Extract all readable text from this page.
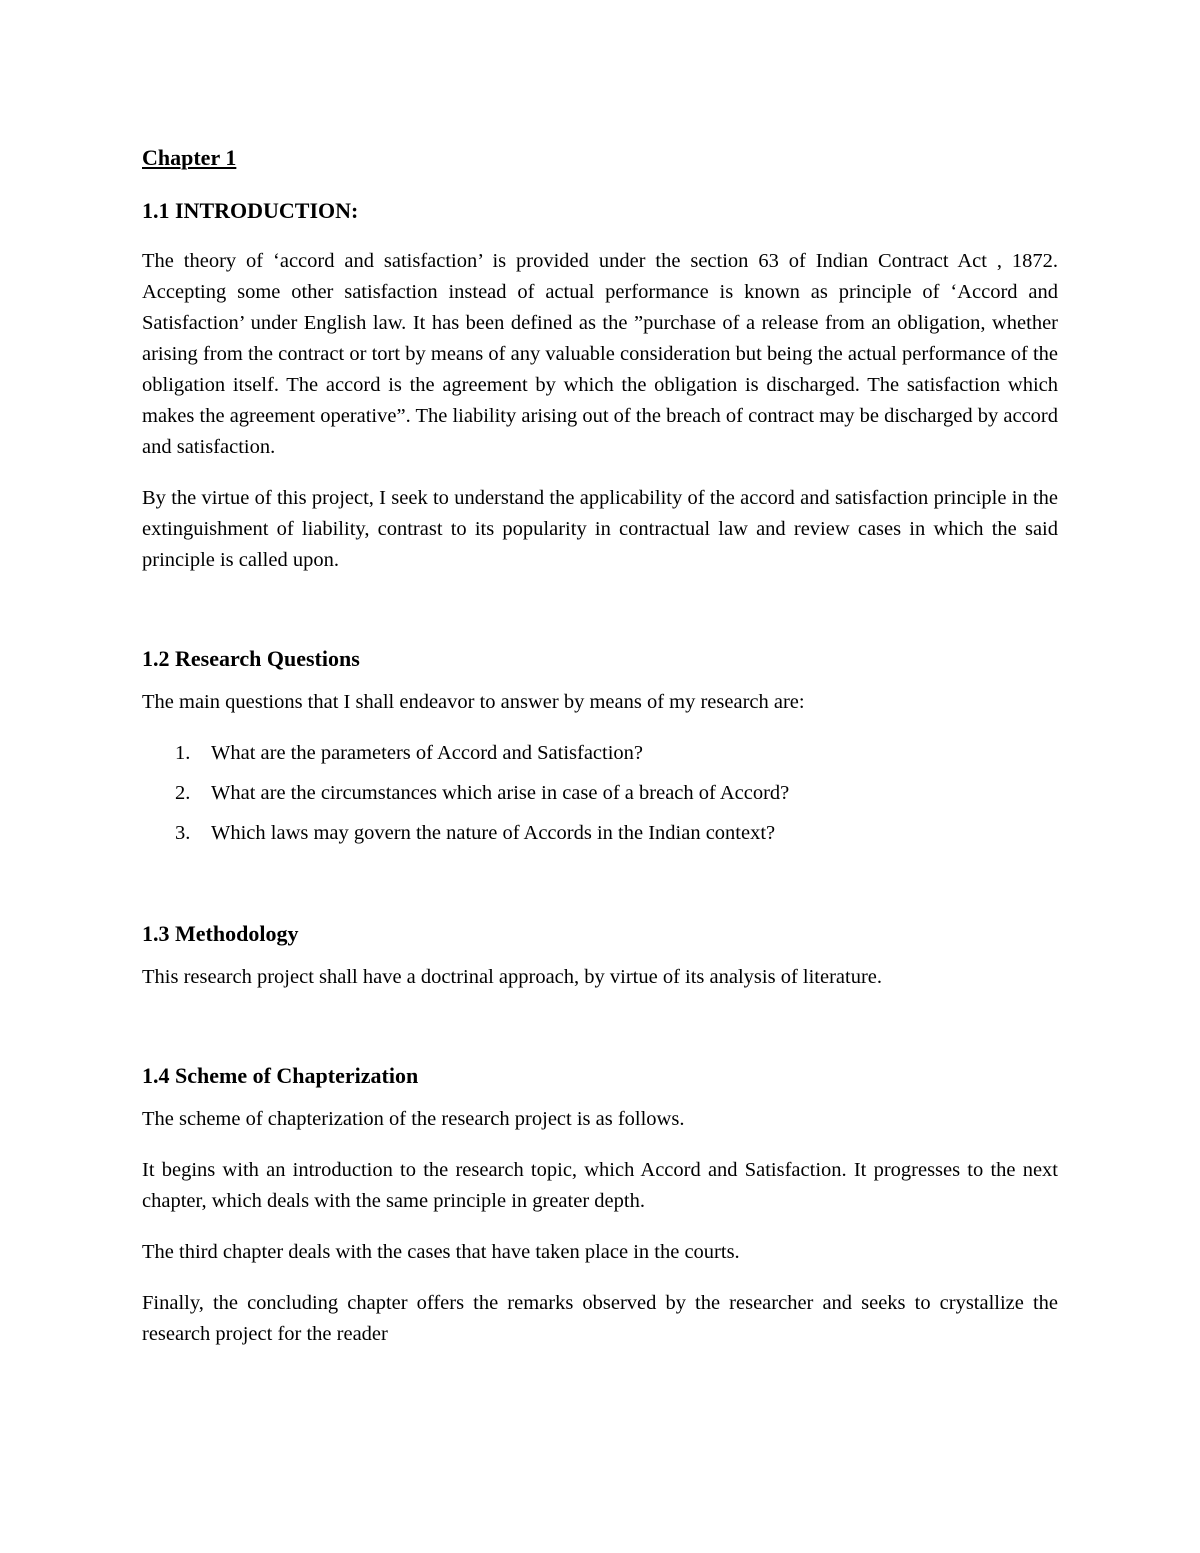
Chapter 1
1.1 INTRODUCTION:

The theory of ‘accord and satisfaction’ is provided under the section 63 of Indian Contract Act , 1872. Accepting some other satisfaction instead of actual performance is known as principle of ‘Accord and Satisfaction’ under English law. It has been defined as the ”purchase of a release from an obligation, whether arising from the contract or tort by means of any valuable consideration but being the actual performance of the obligation itself. The accord is the agreement by which the obligation is discharged. The satisfaction which makes the agreement operative”. The liability arising out of the breach of contract may be discharged by accord and satisfaction.

By the virtue of this project, I seek to understand the applicability of the accord and satisfaction principle in the extinguishment of liability, contrast to its popularity in contractual law and review cases in which the said principle is called upon.

1.2 Research Questions

The main questions that I shall endeavor to answer by means of my research are:

1.	What are the parameters of Accord and Satisfaction?
2.	What are the circumstances which arise in case of a breach of Accord?
3.	Which laws may govern the nature of Accords in the Indian context?
1.3 Methodology

This research project shall have a doctrinal approach, by virtue of its analysis of literature.

1.4 Scheme of Chapterization

The scheme of chapterization of the research project is as follows.

It begins with an introduction to the research topic, which Accord and Satisfaction. It progresses to the next chapter, which deals with the same principle in greater depth.

The third chapter deals with the cases that have taken place in the courts.

Finally, the concluding chapter offers the remarks observed by the researcher and seeks to crystallize the research project for the reader
